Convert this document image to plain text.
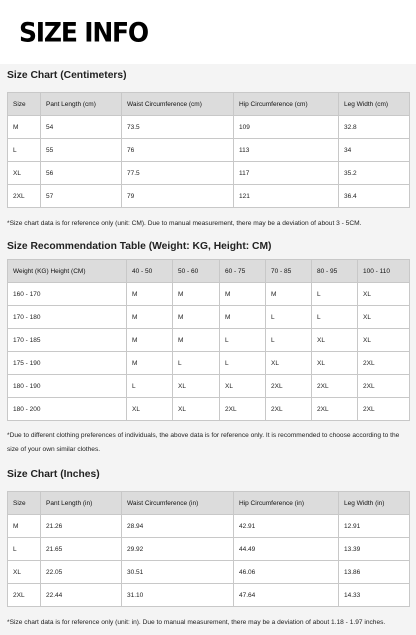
SIZE INFO
Size Chart (Centimeters)
Size	Pant Length (cm)	Waist Circumference (cm)	Hip Circumference (cm)	Leg Width (cm)
M	54	73.5	109	32.8
L	55	76	113	34
XL	56	77.5	117	35.2
2XL	57	79	121	36.4

*Size chart data is for reference only (unit: CM). Due to manual measurement, there may be a deviation of about 3 - 5CM.

Size Recommendation Table (Weight: KG, Height: CM)
Weight (KG) Height (CM)	40 - 50	50 - 60	60 - 75	70 - 85	80 - 95	100 - 110
160 - 170	M	M	M	M	L	XL
170 - 180	M	M	M	L	L	XL
170 - 185	M	M	L	L	XL	XL
175 - 190	M	L	L	XL	XL	2XL
180 - 190	L	XL	XL	2XL	2XL	2XL
180 - 200	XL	XL	2XL	2XL	2XL	2XL

*Due to different clothing preferences of individuals, the above data is for reference only. It is recommended to choose according to the size of your own similar clothes.

Size Chart (Inches)
Size	Pant Length (in)	Waist Circumference (in)	Hip Circumference (in)	Leg Width (in)
M	21.26	28.94	42.91	12.91
L	21.65	29.92	44.49	13.39
XL	22.05	30.51	46.06	13.86
2XL	22.44	31.10	47.64	14.33

*Size chart data is for reference only (unit: in). Due to manual measurement, there may be a deviation of about 1.18 - 1.97 inches.
